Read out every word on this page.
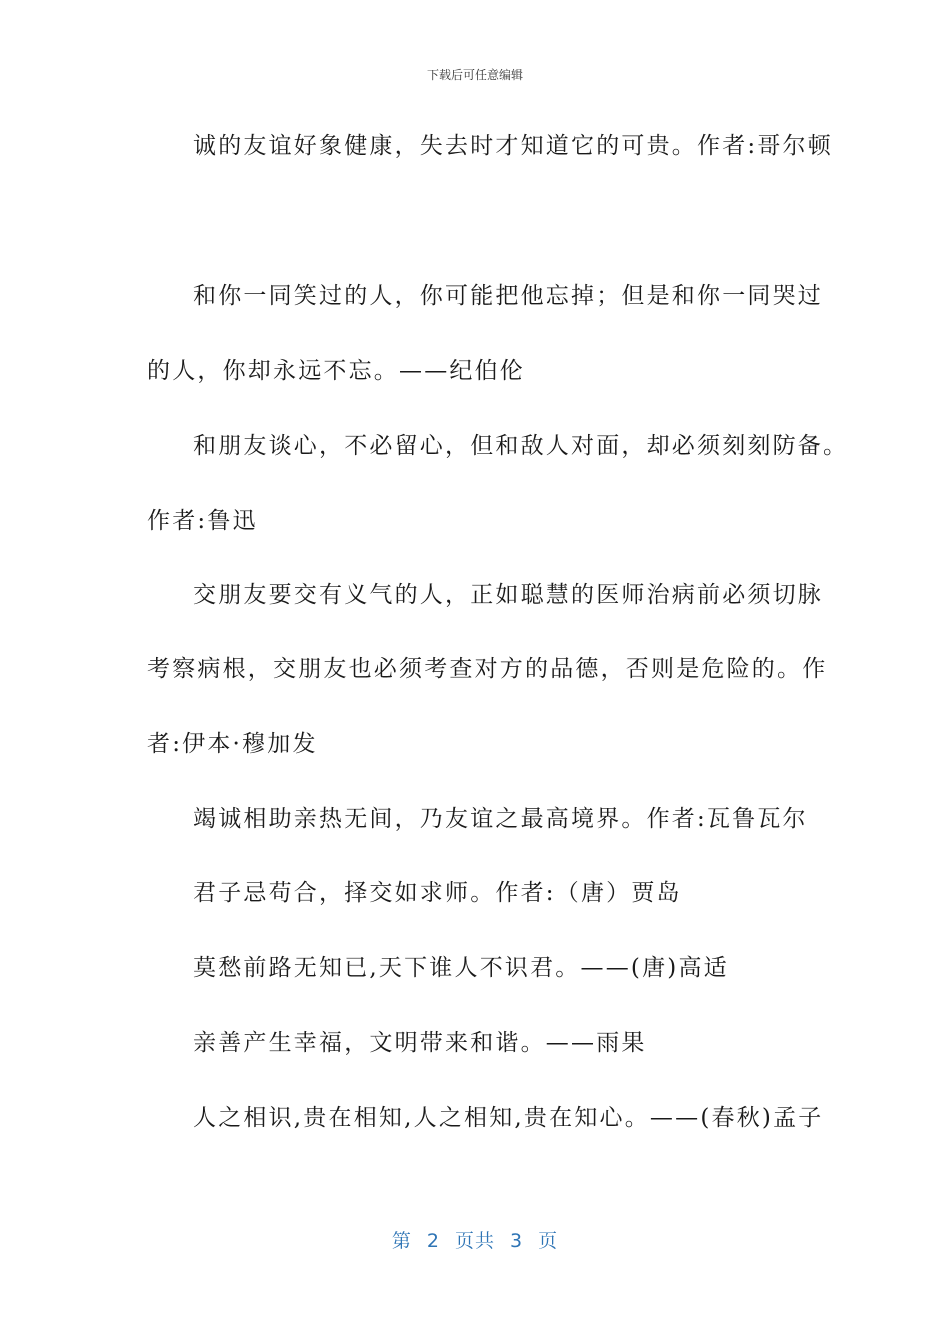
下载后可任意编辑
诚的友谊好象健康，失去时才知道它的可贵。作者:哥尔顿
和你一同笑过的人，你可能把他忘掉；但是和你一同哭过
的人，你却永远不忘。——纪伯伦
和朋友谈心，不必留心，但和敌人对面，却必须刻刻防备。
作者:鲁迅
交朋友要交有义气的人，正如聪慧的医师治病前必须切脉
考察病根，交朋友也必须考查对方的品德，否则是危险的。作
者:伊本·穆加发
竭诚相助亲热无间，乃友谊之最高境界。作者:瓦鲁瓦尔
君子忌苟合，择交如求师。作者:（唐）贾岛
莫愁前路无知已,天下谁人不识君。——(唐)高适
亲善产生幸福，文明带来和谐。——雨果
人之相识,贵在相知,人之相知,贵在知心。——(春秋)孟子
第 2 页共 3 页
